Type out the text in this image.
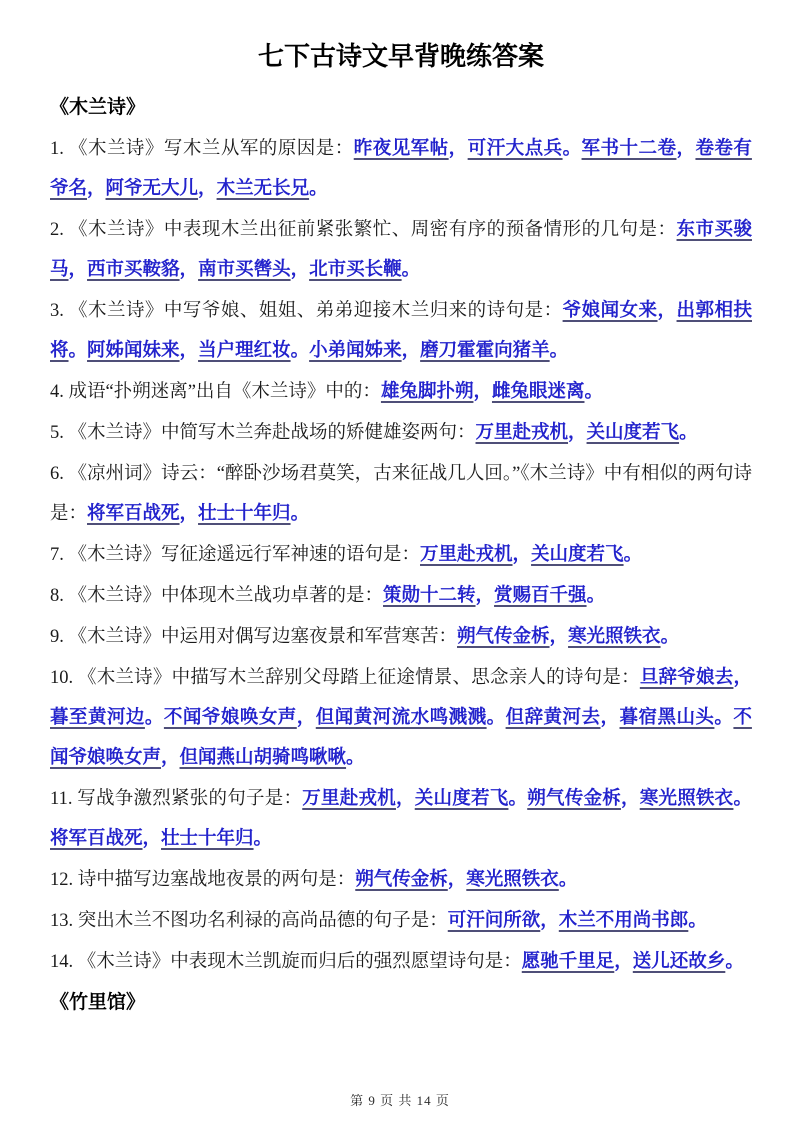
七下古诗文早背晚练答案

《木兰诗》

1. 《木兰诗》写木兰从军的原因是：昨夜见军帖，可汗大点兵。军书十二卷，卷卷有爷名，阿爷无大儿，木兰无长兄。

2. 《木兰诗》中表现木兰出征前紧张繁忙、周密有序的预备情形的几句是：东市买骏马，西市买鞍貉，南市买辔头，北市买长鞭。

3. 《木兰诗》中写爷娘、姐姐、弟弟迎接木兰归来的诗句是：爷娘闻女来，出郭相扶将。阿姊闻妹来，当户理红妆。小弟闻姊来，磨刀霍霍向猪羊。

4. 成语“扑朔迷离”出自《木兰诗》中的：雄兔脚扑朔，雌兔眼迷离。

5. 《木兰诗》中简写木兰奔赴战场的矫健雄姿两句：万里赴戎机，关山度若飞。

6. 《凉州词》诗云：“醉卧沙场君莫笑，古来征战几人回。”《木兰诗》中有相似的两句诗是：将军百战死，壮士十年归。

7. 《木兰诗》写征途遥远行军神速的语句是：万里赴戎机，关山度若飞。

8. 《木兰诗》中体现木兰战功卓著的是：策勋十二转，赏赐百千强。

9. 《木兰诗》中运用对偶写边塞夜景和军营寒苦：朔气传金柝，寒光照铁衣。

10. 《木兰诗》中描写木兰辞别父母踏上征途情景、思念亲人的诗句是：旦辞爷娘去，暮至黄河边。不闻爷娘唤女声，但闻黄河流水鸣溅溅。但辞黄河去，暮宿黑山头。不闻爷娘唤女声，但闻燕山胡骑鸣啾啾。

11. 写战争激烈紧张的句子是：万里赴戎机，关山度若飞。朔气传金柝，寒光照铁衣。将军百战死，壮士十年归。

12. 诗中描写边塞战地夜景的两句是：朔气传金柝，寒光照铁衣。

13. 突出木兰不图功名利禄的高尚品德的句子是：可汗问所欲，木兰不用尚书郎。

14. 《木兰诗》中表现木兰凯旋而归后的强烈愿望诗句是：愿驰千里足，送儿还故乡。

《竹里馆》

第 9 页 共 14 页
